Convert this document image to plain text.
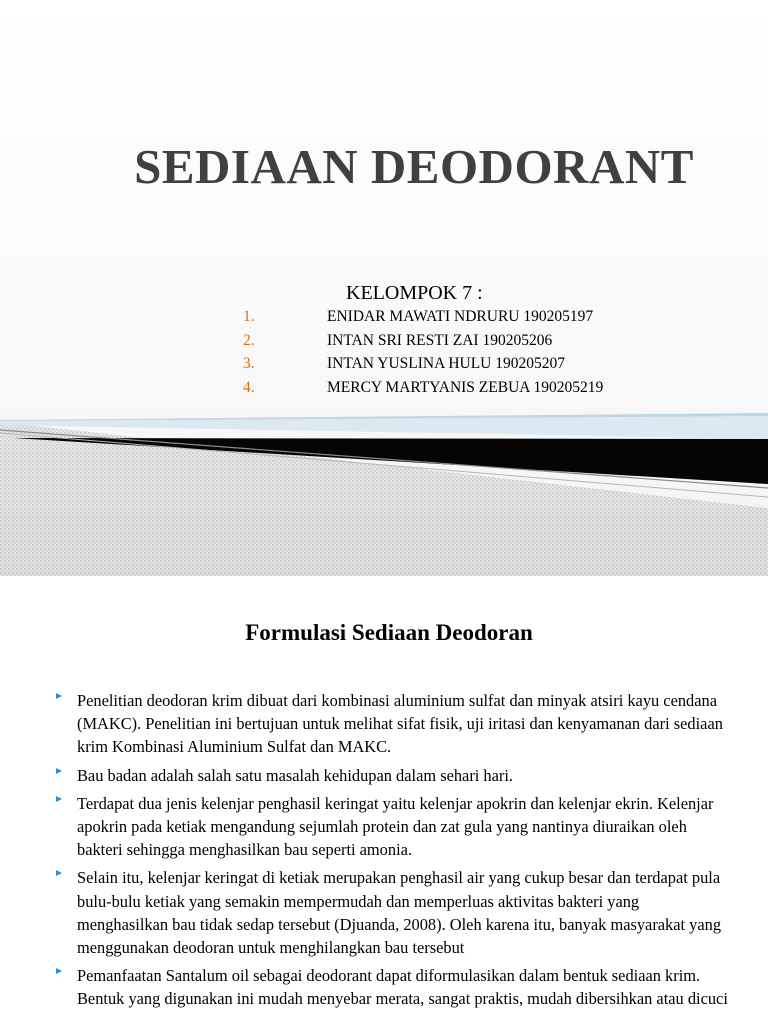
SEDIAAN DEODORANT
KELOMPOK 7 :
1.	ENIDAR MAWATI NDRURU 190205197
2.	INTAN SRI RESTI ZAI 190205206
3.	INTAN YUSLINA HULU 190205207
4.	MERCY MARTYANIS ZEBUA 190205219
Formulasi Sediaan Deodoran
Penelitian deodoran krim dibuat dari kombinasi aluminium sulfat dan minyak atsiri kayu cendana (MAKC). Penelitian ini bertujuan untuk melihat sifat fisik, uji iritasi dan kenyamanan dari sediaan krim Kombinasi Aluminium Sulfat dan MAKC.
Bau badan adalah salah satu masalah kehidupan dalam sehari hari.
Terdapat dua jenis kelenjar penghasil keringat yaitu kelenjar apokrin dan kelenjar ekrin. Kelenjar apokrin pada ketiak mengandung sejumlah protein dan zat gula yang nantinya diuraikan oleh bakteri sehingga menghasilkan bau seperti amonia.
Selain itu, kelenjar keringat di ketiak merupakan penghasil air yang cukup besar dan terdapat pula bulu-bulu ketiak yang semakin mempermudah dan memperluas aktivitas bakteri yang menghasilkan bau tidak sedap tersebut (Djuanda, 2008). Oleh karena itu, banyak masyarakat yang menggunakan deodoran untuk menghilangkan bau tersebut
Pemanfaatan Santalum oil sebagai deodorant dapat diformulasikan dalam bentuk sediaan krim. Bentuk yang digunakan ini mudah menyebar merata, sangat praktis, mudah dibersihkan atau dicuci
